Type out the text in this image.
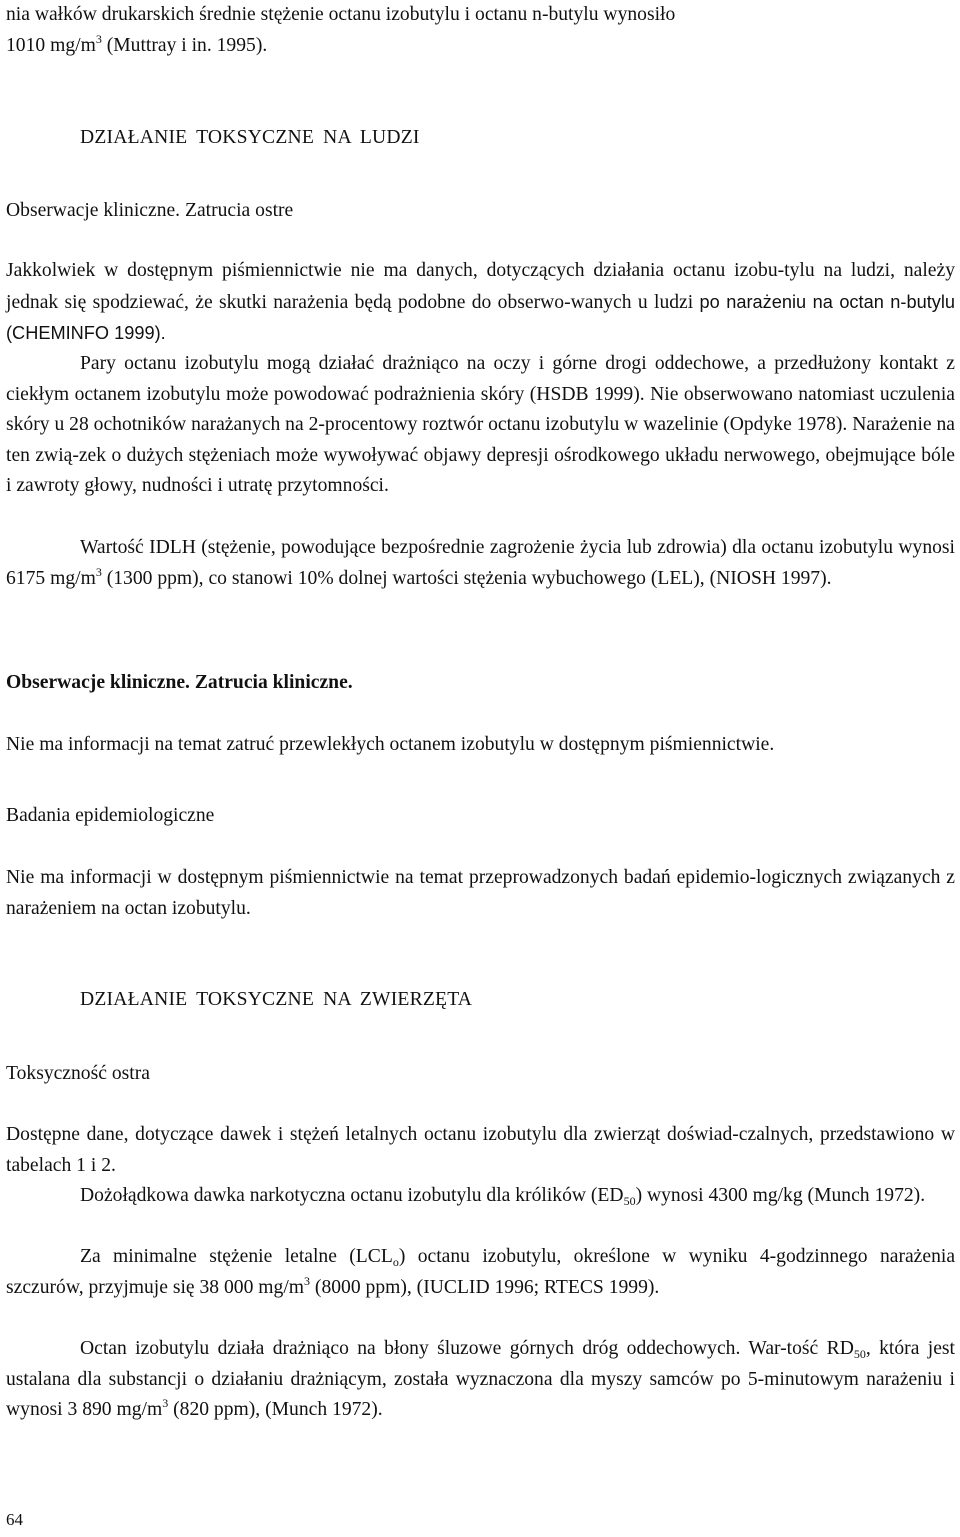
nia wałków drukarskich średnie stężenie octanu izobutylu i octanu n-butylu wynosiło
1010 $mg/m^3$ (Muttray i in. 1995).

DZIAŁANIE TOKSYCZNE NA LUDZI
Obserwacje kliniczne. Zatrucia ostre

Jakkolwiek w dostępnym piśmiennictwie nie ma danych, dotyczących działania octanu izobu-tylu na ludzi, należy jednak się spodziewać, że skutki narażenia będą podobne do obserwo-wanych u ludzi po narażeniu na octan n-butylu (CHEMINFO 1999).

Pary octanu izobutylu mogą działać drażniąco na oczy i górne drogi oddechowe, a przedłużony kontakt z ciekłym octanem izobutylu może powodować podrażnienia skóry (HSDB 1999). Nie obserwowano natomiast uczulenia skóry u 28 ochotników narażanych na 2-procentowy roztwór octanu izobutylu w wazelinie (Opdyke 1978). Narażenie na ten zwią-zek o dużych stężeniach może wywoływać objawy depresji ośrodkowego układu nerwowego, obejmujące bóle i zawroty głowy, nudności i utratę przytomności.

Wartość IDLH (stężenie, powodujące bezpośrednie zagrożenie życia lub zdrowia) dla octanu izobutylu wynosi 6175 $mg/m^3$ (1300 ppm), co stanowi 10% dolnej wartości stężenia wybuchowego (LEL), (NIOSH 1997).

Obserwacje kliniczne. Zatrucia kliniczne.

Nie ma informacji na temat zatruć przewlekłych octanem izobutylu w dostępnym piśmiennictwie.

Badania epidemiologiczne

Nie ma informacji w dostępnym piśmiennictwie na temat przeprowadzonych badań epidemio-logicznych związanych z narażeniem na octan izobutylu.

DZIAŁANIE TOKSYCZNE NA ZWIERZĘTA
Toksyczność ostra

Dostępne dane, dotyczące dawek i stężeń letalnych octanu izobutylu dla zwierząt doświad-czalnych, przedstawiono w tabelach 1 i 2.

Dożołądkowa dawka narkotyczna octanu izobutylu dla królików $(ED_{50})$ wynosi 4300 mg/kg (Munch 1972).

Za minimalne stężenie letalne $(LCL_o)$ octanu izobutylu, określone w wyniku 4-godzinnego narażenia szczurów, przyjmuje się 38 000 $mg/m^3$ (8000 ppm), (IUCLID 1996; RTECS 1999).

Octan izobutylu działa drażniąco na błony śluzowe górnych dróg oddechowych. War-tość $RD_{50}$, która jest ustalana dla substancji o działaniu drażniącym, została wyznaczona dla myszy samców po 5-minutowym narażeniu i wynosi 3 890 $mg/m^3$ (820 ppm), (Munch 1972).

64
